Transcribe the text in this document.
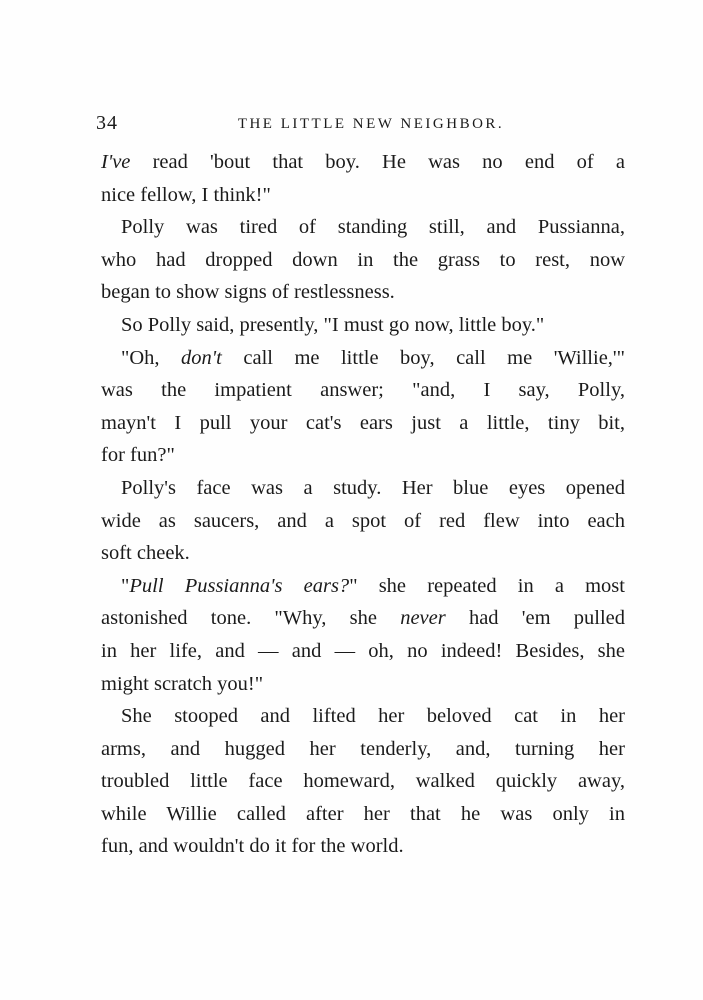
34	THE LITTLE NEW NEIGHBOR.
I've read 'bout that boy. He was no end of a
nice fellow, I think!"
Polly was tired of standing still, and Pussianna,
who had dropped down in the grass to rest, now
began to show signs of restlessness.
So Polly said, presently, "I must go now, little boy."
"Oh, don't call me little boy, call me 'Willie,'"
was the impatient answer; "and, I say, Polly,
mayn't I pull your cat's ears just a little, tiny bit,
for fun?"
Polly's face was a study. Her blue eyes opened
wide as saucers, and a spot of red flew into each
soft cheek.
"Pull Pussianna's ears?" she repeated in a most
astonished tone. "Why, she never had 'em pulled
in her life, and — and — oh, no indeed! Besides, she
might scratch you!"
She stooped and lifted her beloved cat in her
arms, and hugged her tenderly, and, turning her
troubled little face homeward, walked quickly away,
while Willie called after her that he was only in
fun, and wouldn't do it for the world.
